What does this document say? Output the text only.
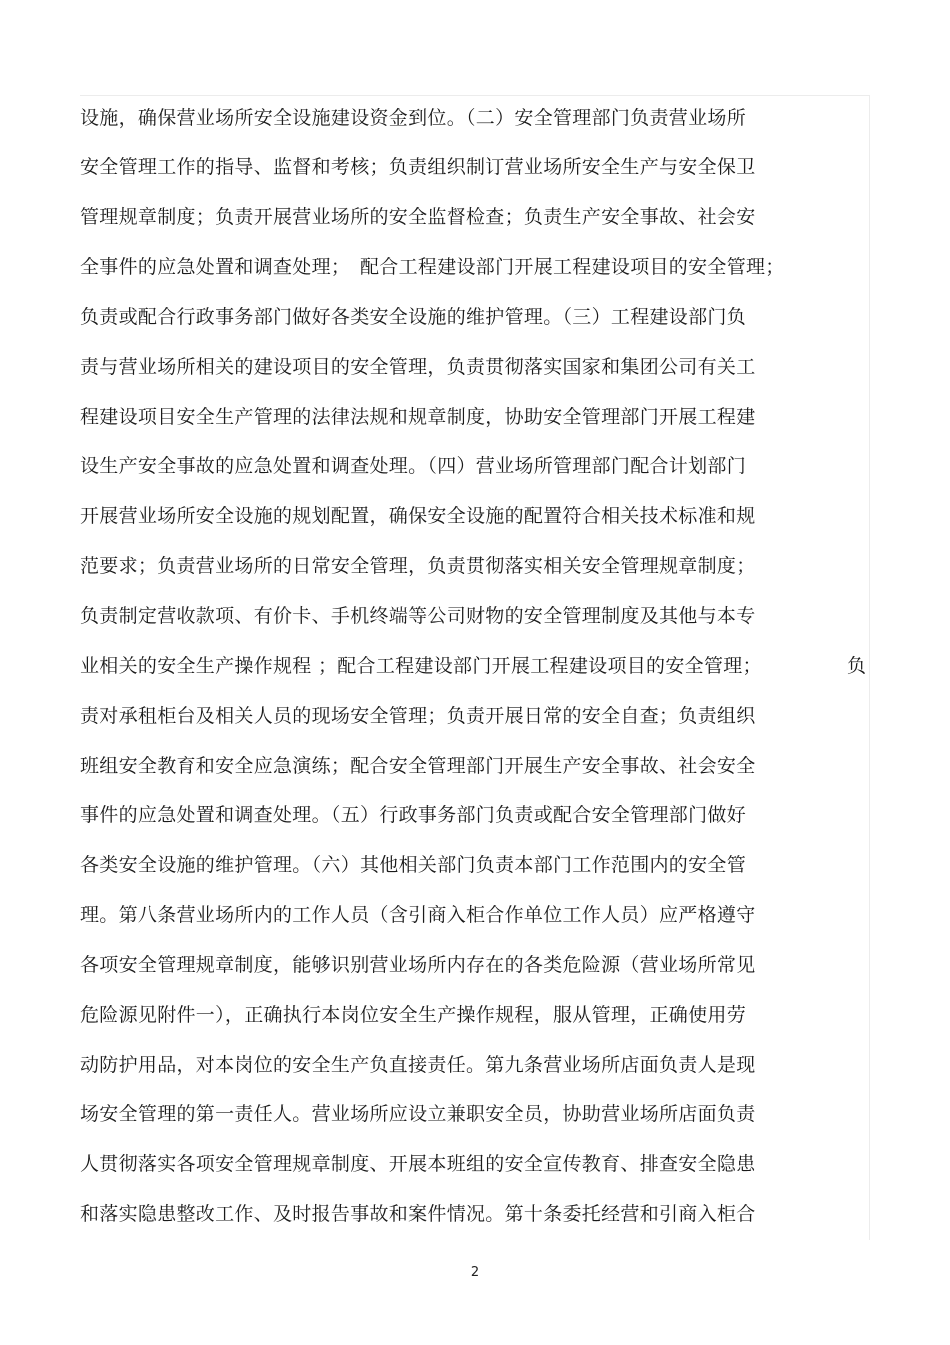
设施，确保营业场所安全设施建设资金到位。（二）安全管理部门负责营业场所
安全管理工作的指导、监督和考核；负责组织制订营业场所安全生产与安全保卫
管理规章制度；负责开展营业场所的安全监督检查；负责生产安全事故、社会安
全事件的应急处置和调查处理；　配合工程建设部门开展工程建设项目的安全管理；
负责或配合行政事务部门做好各类安全设施的维护管理。（三）工程建设部门负
责与营业场所相关的建设项目的安全管理，负责贯彻落实国家和集团公司有关工
程建设项目安全生产管理的法律法规和规章制度，协助安全管理部门开展工程建
设生产安全事故的应急处置和调查处理。（四）营业场所管理部门配合计划部门
开展营业场所安全设施的规划配置，确保安全设施的配置符合相关技术标准和规
范要求；负责营业场所的日常安全管理，负责贯彻落实相关安全管理规章制度；
负责制定营收款项、有价卡、手机终端等公司财物的安全管理制度及其他与本专
业相关的安全生产操作规程 ；配合工程建设部门开展工程建设项目的安全管理；	负
责对承租柜台及相关人员的现场安全管理；负责开展日常的安全自查；负责组织
班组安全教育和安全应急演练；配合安全管理部门开展生产安全事故、社会安全
事件的应急处置和调查处理。（五）行政事务部门负责或配合安全管理部门做好
各类安全设施的维护管理。（六）其他相关部门负责本部门工作范围内的安全管
理。第八条营业场所内的工作人员（含引商入柜合作单位工作人员）应严格遵守
各项安全管理规章制度，能够识别营业场所内存在的各类危险源（营业场所常见
危险源见附件一），正确执行本岗位安全生产操作规程，服从管理，正确使用劳
动防护用品，对本岗位的安全生产负直接责任。第九条营业场所店面负责人是现
场安全管理的第一责任人。营业场所应设立兼职安全员，协助营业场所店面负责
人贯彻落实各项安全管理规章制度、开展本班组的安全宣传教育、排查安全隐患
和落实隐患整改工作、及时报告事故和案件情况。第十条委托经营和引商入柜合
2
